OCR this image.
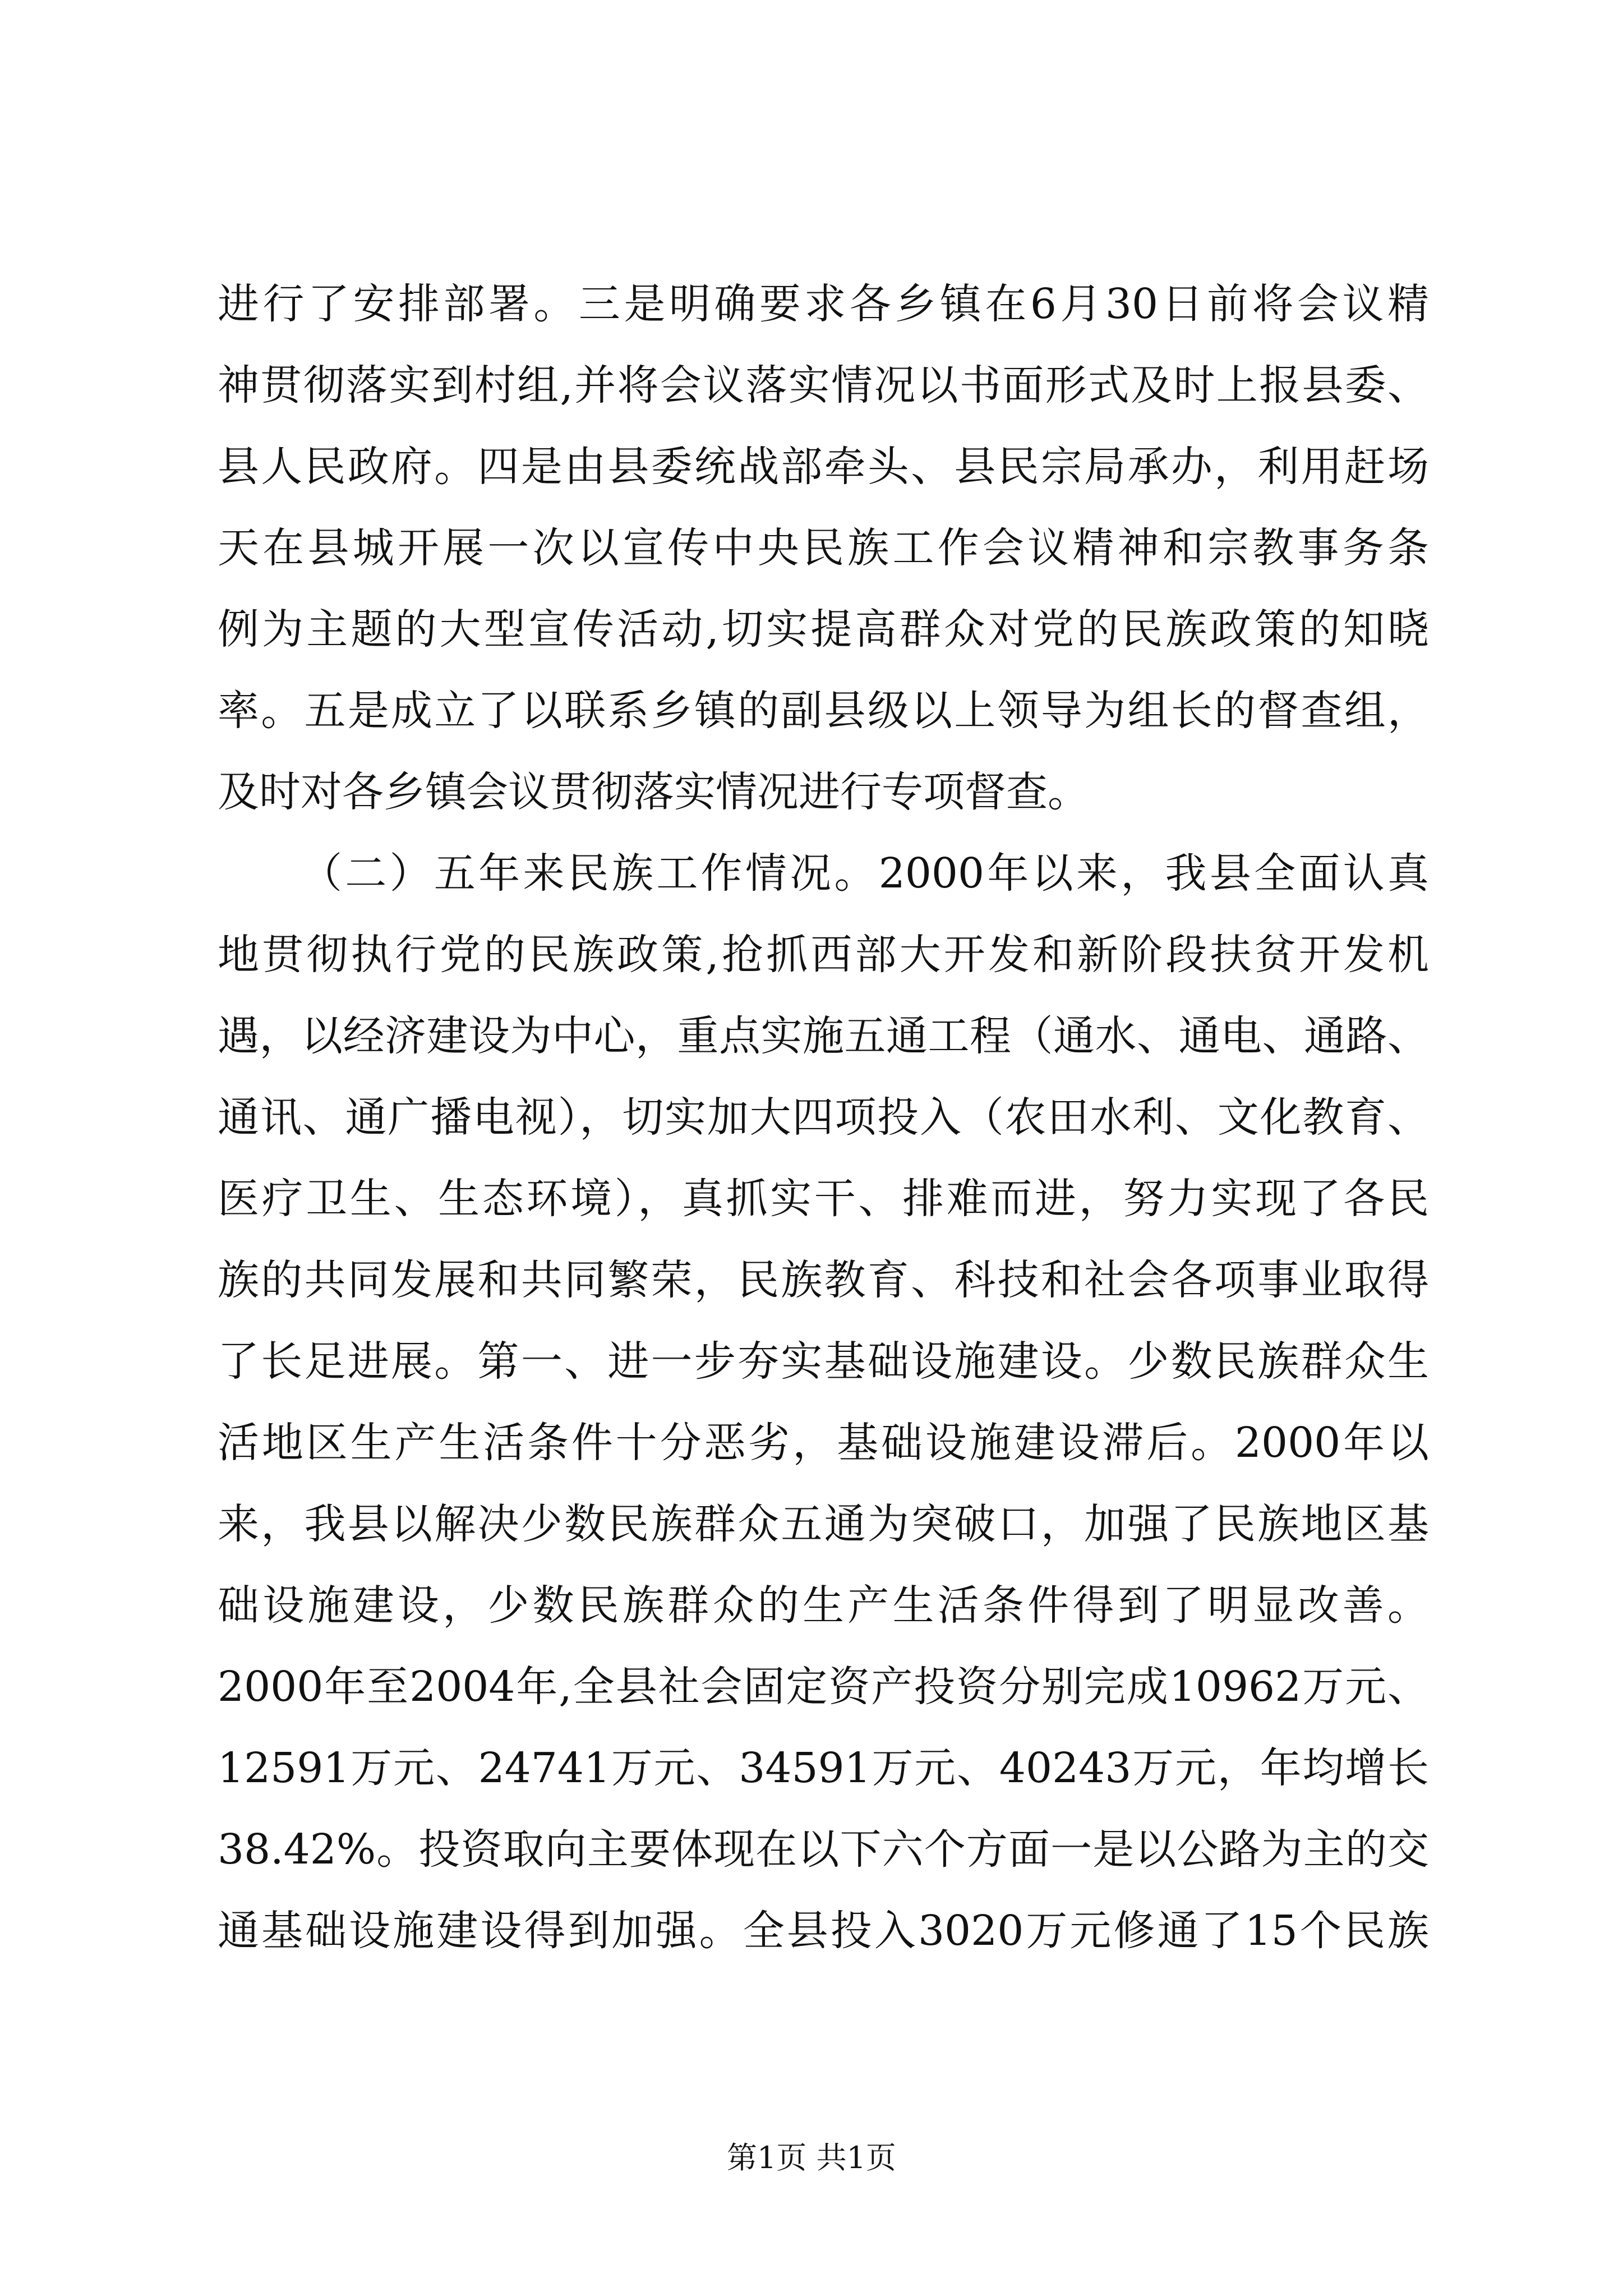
进行了安排部署。三是明确要求各乡镇在6月30日前将会议精
神贯彻落实到村组,并将会议落实情况以书面形式及时上报县委、
县人民政府。四是由县委统战部牵头、县民宗局承办，利用赶场
天在县城开展一次以宣传中央民族工作会议精神和宗教事务条
例为主题的大型宣传活动,切实提高群众对党的民族政策的知晓
率。五是成立了以联系乡镇的副县级以上领导为组长的督查组，
及时对各乡镇会议贯彻落实情况进行专项督查。
（二）五年来民族工作情况。2000年以来，我县全面认真
地贯彻执行党的民族政策,抢抓西部大开发和新阶段扶贫开发机
遇，以经济建设为中心，重点实施五通工程（通水、通电、通路、
通讯、通广播电视），切实加大四项投入（农田水利、文化教育、
医疗卫生、生态环境），真抓实干、排难而进，努力实现了各民
族的共同发展和共同繁荣，民族教育、科技和社会各项事业取得
了长足进展。第一、进一步夯实基础设施建设。少数民族群众生
活地区生产生活条件十分恶劣，基础设施建设滞后。2000年以
来，我县以解决少数民族群众五通为突破口，加强了民族地区基
础设施建设，少数民族群众的生产生活条件得到了明显改善。
2000年至2004年,全县社会固定资产投资分别完成10962万元、
12591万元、24741万元、34591万元、40243万元，年均增长
38.42%。投资取向主要体现在以下六个方面一是以公路为主的交
通基础设施建设得到加强。全县投入3020万元修通了15个民族
第1页 共1页
